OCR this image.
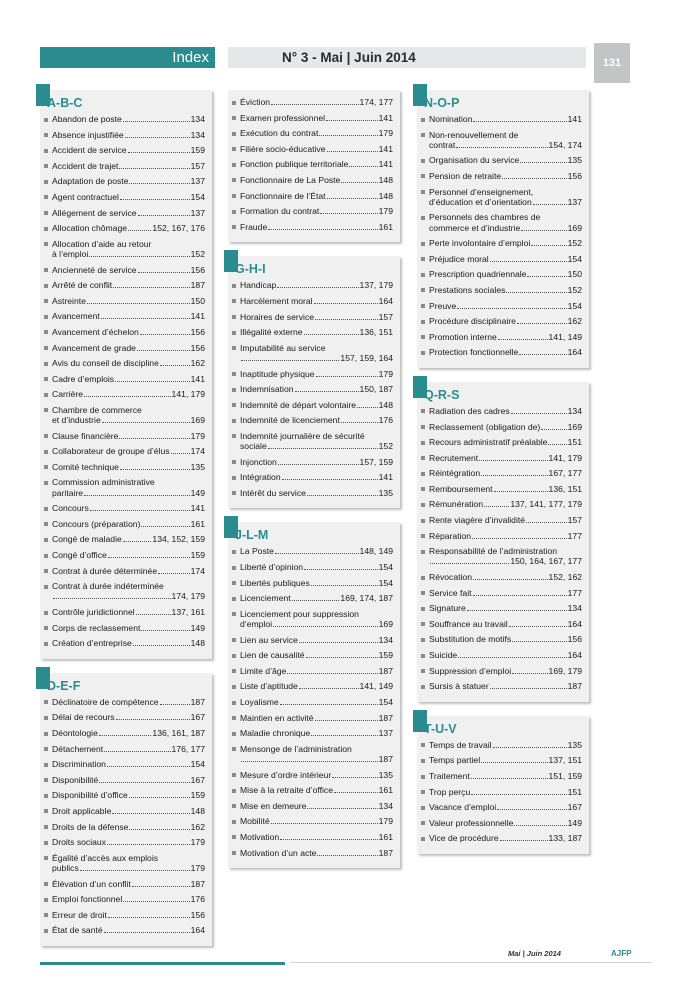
Index	N° 3 - Mai | Juin 2014	131
A-B-C
Abandon de poste	134
Absence injustifiée	134
Accident de service	159
Accident de trajet	157
Adaptation de poste	137
Agent contractuel	154
Allégement de service	137
Allocation chômage	152, 167, 176
Allocation d’aide au retour
à l’emploi	152
Ancienneté de service	156
Arrêté de conflit	187
Astreinte	150
Avancement	141
Avancement d’échelon	156
Avancement de grade	156
Avis du conseil de discipline	162
Cadre d’emplois	141
Carrière	141, 179
Chambre de commerce
et d’industrie	169
Clause financière	179
Collaborateur de groupe d’élus 174
Comité technique	135
Commission administrative
paritaire	149
Concours	141
Concours (préparation)	161
Congé de maladie	134, 152, 159
Congé d’office	159
Contrat à durée déterminée	174
Contrat à durée indéterminée
174, 179
Contrôle juridictionnel	137, 161
Corps de reclassement	149
Création d’entreprise	148
D-E-F
Déclinatoire de compétence	187
Délai de recours	167
Déontologie	136, 161, 187
Détachement	176, 177
Discrimination	154
Disponibilité	167
Disponibilité d’office	159
Droit applicable	148
Droits de la défense	162
Droits sociaux	179
Égalité d’accès aux emplois
publics	179
Élévation d’un conflit	187
Emploi fonctionnel	176
Erreur de droit	156
État de santé	164
Éviction	174, 177
Examen professionnel	141
Exécution du contrat	179
Filière socio-éducative	141
Fonction publique territoriale	141
Fonctionnaire de La Poste	148
Fonctionnaire de l’État	148
Formation du contrat	179
Fraude	161
G-H-I
Handicap	137, 179
Harcèlement moral	164
Horaires de service	157
Illégalité externe	136, 151
Imputabilité au service
157, 159, 164
Inaptitude physique	179
Indemnisation	150, 187
Indemnité de départ volontaire	148
Indemnité de licenciement	176
Indemnité journalière de sécurité
sociale	152
Injonction	157, 159
Intégration	141
Intérêt du service	135
J-L-M
La Poste	148, 149
Liberté d’opinion	154
Libertés publiques	154
Licenciement	169, 174, 187
Licenciement pour suppression
d’emploi	169
Lien au service	134
Lien de causalité	159
Limite d’âge	187
Liste d’aptitude	141, 149
Loyalisme	154
Maintien en activité	187
Maladie chronique	137
Mensonge de l’administration
187
Mesure d’ordre intérieur	135
Mise à la retraite d’office	161
Mise en demeure	134
Mobilité	179
Motivation	161
Motivation d’un acte	187
N-O-P
Nomination	141
Non-renouvellement de
contrat	154, 174
Organisation du service	135
Pension de retraite	156
Personnel d’enseignement,
d’éducation et d’orientation	137
Personnels des chambres de
commerce et d’industrie	169
Perte involontaire d’emploi	152
Préjudice moral	154
Prescription quadriennale	150
Prestations sociales	152
Preuve	154
Procédure disciplinaire	162
Promotion interne	141, 149
Protection fonctionnelle	164
Q-R-S
Radiation des cadres	134
Reclassement (obligation de)	169
Recours administratif préalable 151
Recrutement	141, 179
Réintégration	167, 177
Remboursement	136, 151
Rémunération	137, 141, 177, 179
Rente viagère d’invalidité	157
Réparation	177
Responsabilité de l’administration
150, 164, 167, 177
Révocation	152, 162
Service fait	177
Signature	134
Souffrance au travail	164
Substitution de motifs	156
Suicide	164
Suppression d’emploi	169, 179
Sursis à statuer	187
T-U-V
Temps de travail	135
Temps partiel	137, 151
Traitement	151, 159
Trop perçu	151
Vacance d’emploi	167
Valeur professionnelle	149
Vice de procédure	133, 187
Mai | Juin 2014	AJFP
